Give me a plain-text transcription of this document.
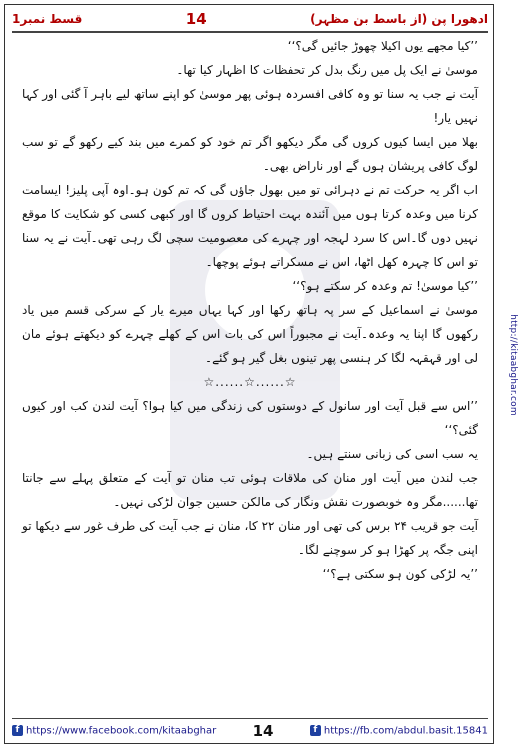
قسط نمبر1	14	ادھورا پن (از باسط بن مظہر)
http://kitaabghar.com

’’کیا مجھے یوں اکیلا چھوڑ جائیں گی؟‘‘

موسیٰ نے ایک پل میں رنگ بدل کر تحفظات کا اظہار کیا تھا۔

آیت نے جب یہ سنا تو وہ کافی افسردہ ہوئی پھر موسیٰ کو اپنے ساتھ لیے باہر آ گئی اور کہا نہیں یار!

بھلا میں ایسا کیوں کروں گی مگر دیکھو اگر تم خود کو کمرے میں بند کیے رکھو گے تو سب لوگ کافی پریشان ہوں گے اور ناراض بھی۔

اب اگر یہ حرکت تم نے دہرائی تو میں بھول جاؤں گی کہ تم کون ہو۔اوہ آپی پلیز! ایسامت کرنا میں وعدہ کرتا ہوں میں آئندہ بہت احتیاط کروں گا اور کبھی کسی کو شکایت کا موقع نہیں دوں گا۔اس کا سرد لہجہ اور چہرے کی معصومیت سچی لگ رہی تھی۔آیت نے یہ سنا تو اس کا چہرہ کھل اٹھا، اس نے مسکراتے ہوئے پوچھا۔

’’کیا موسیٰ! تم وعدہ کر سکتے ہو؟‘‘

موسیٰ نے اسماعیل کے سر پہ ہاتھ رکھا اور کہا یہاں میرے یار کے سرکی قسم میں یاد رکھوں گا اپنا یہ وعدہ۔آیت نے مجبوراً اس کی بات اس کے کھلے چہرے کو دیکھتے ہوئے مان لی اور قہقہہ لگا کر ہنسی پھر تینوں بغل گیر ہو گئے۔

☆......☆......☆

’’اس سے قبل آیت اور سانول کے دوستوں کی زندگی میں کیا ہوا؟ آیت لندن کب اور کیوں گئی؟‘‘

یہ سب اسی کی زبانی سنتے ہیں۔

جب لندن میں آیت اور منان کی ملاقات ہوئی تب منان تو آیت کے متعلق پہلے سے جانتا تھا......مگر وہ خوبصورت نقش ونگار کی مالکن حسین جوان لڑکی نہیں۔

آیت جو قریب ۲۴ برس کی تھی اور منان ۲۲ کا، منان نے جب آیت کی طرف غور سے دیکھا تو اپنی جگہ پر کھڑا ہو کر سوچنے لگا۔

’’یہ لڑکی کون ہو سکتی ہے؟‘‘

f https://www.facebook.com/kitaabghar 14	f https://fb.com/abdul.basit.15841
